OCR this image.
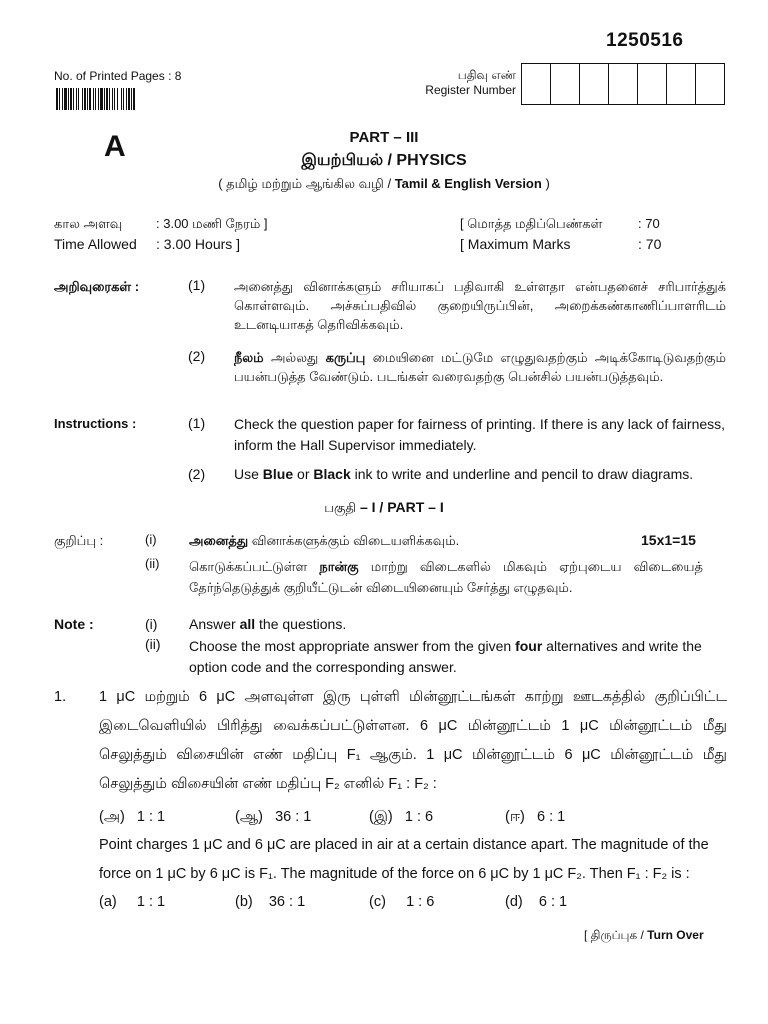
1250516
No. of Printed Pages : 8	பதிவு எண்
Register Number
A	PART – III
இயற்பியல் / PHYSICS
( தமிழ் மற்றும் ஆங்கில வழி / Tamil & English Version )
கால அளவு	: 3.00 மணி நேரம் ]
Time Allowed : 3.00 Hours ]
[ மொத்த மதிப்பெண்கள்	: 70
[ Maximum Marks	: 70
அறிவுரைகள் :	(1) அனைத்து வினாக்களும் சரியாகப் பதிவாகி உள்ளதா என்பதனைச் சரிபார்த்துக் கொள்ளவும். அச்சுப்பதிவில் குறையிருப்பின், அறைக்கண்காணிப்பாளரிடம் உடனடியாகத் தெரிவிக்கவும்.
(2) நீலம் அல்லது கருப்பு மையினை மட்டுமே எழுதுவதற்கும் அடிக்கோடிடுவதற்கும் பயன்படுத்த வேண்டும். படங்கள் வரைவதற்கு பென்சில் பயன்படுத்தவும்.
Instructions :	(1) Check the question paper for fairness of printing. If there is any lack of fairness, inform the Hall Supervisor immediately.
(2) Use Blue or Black ink to write and underline and pencil to draw diagrams.
பகுதி – I / PART – I
குறிப்பு :	(i) அனைத்து வினாக்களுக்கும் விடையளிக்கவும்.	15x1=15
(ii) கொடுக்கப்பட்டுள்ள நான்கு மாற்று விடைகளில் மிகவும் ஏற்புடைய விடையைத் தேர்ந்தெடுத்துக் குறியீட்டுடன் விடையினையும் சேர்த்து எழுதவும்.
Note :	(i) Answer all the questions.
(ii) Choose the most appropriate answer from the given four alternatives and write the option code and the corresponding answer.
1. 1 μC மற்றும் 6 μC அளவுள்ள இரு புள்ளி மின்னூட்டங்கள் காற்று ஊடகத்தில் குறிப்பிட்ட இடைவெளியில் பிரித்து வைக்கப்பட்டுள்ளன. 6 μC மின்னூட்டம் 1 μC மின்னூட்டம் மீது செலுத்தும் விசையின் எண் மதிப்பு F₁ ஆகும். 1 μC மின்னூட்டம் 6 μC மின்னூட்டம் மீது செலுத்தும் விசையின் எண் மதிப்பு F₂ எனில் F₁ : F₂ :
(அ) 1 : 1	(ஆ) 36 : 1	(இ) 1 : 6	(ஈ) 6 : 1
Point charges 1 μC and 6 μC are placed in air at a certain distance apart. The magnitude of the force on 1 μC by 6 μC is F₁. The magnitude of the force on 6 μC by 1 μC F₂. Then F₁ : F₂ is :
(a) 1 : 1	(b) 36 : 1	(c) 1 : 6	(d) 6 : 1
[ திருப்புக / Turn Over
